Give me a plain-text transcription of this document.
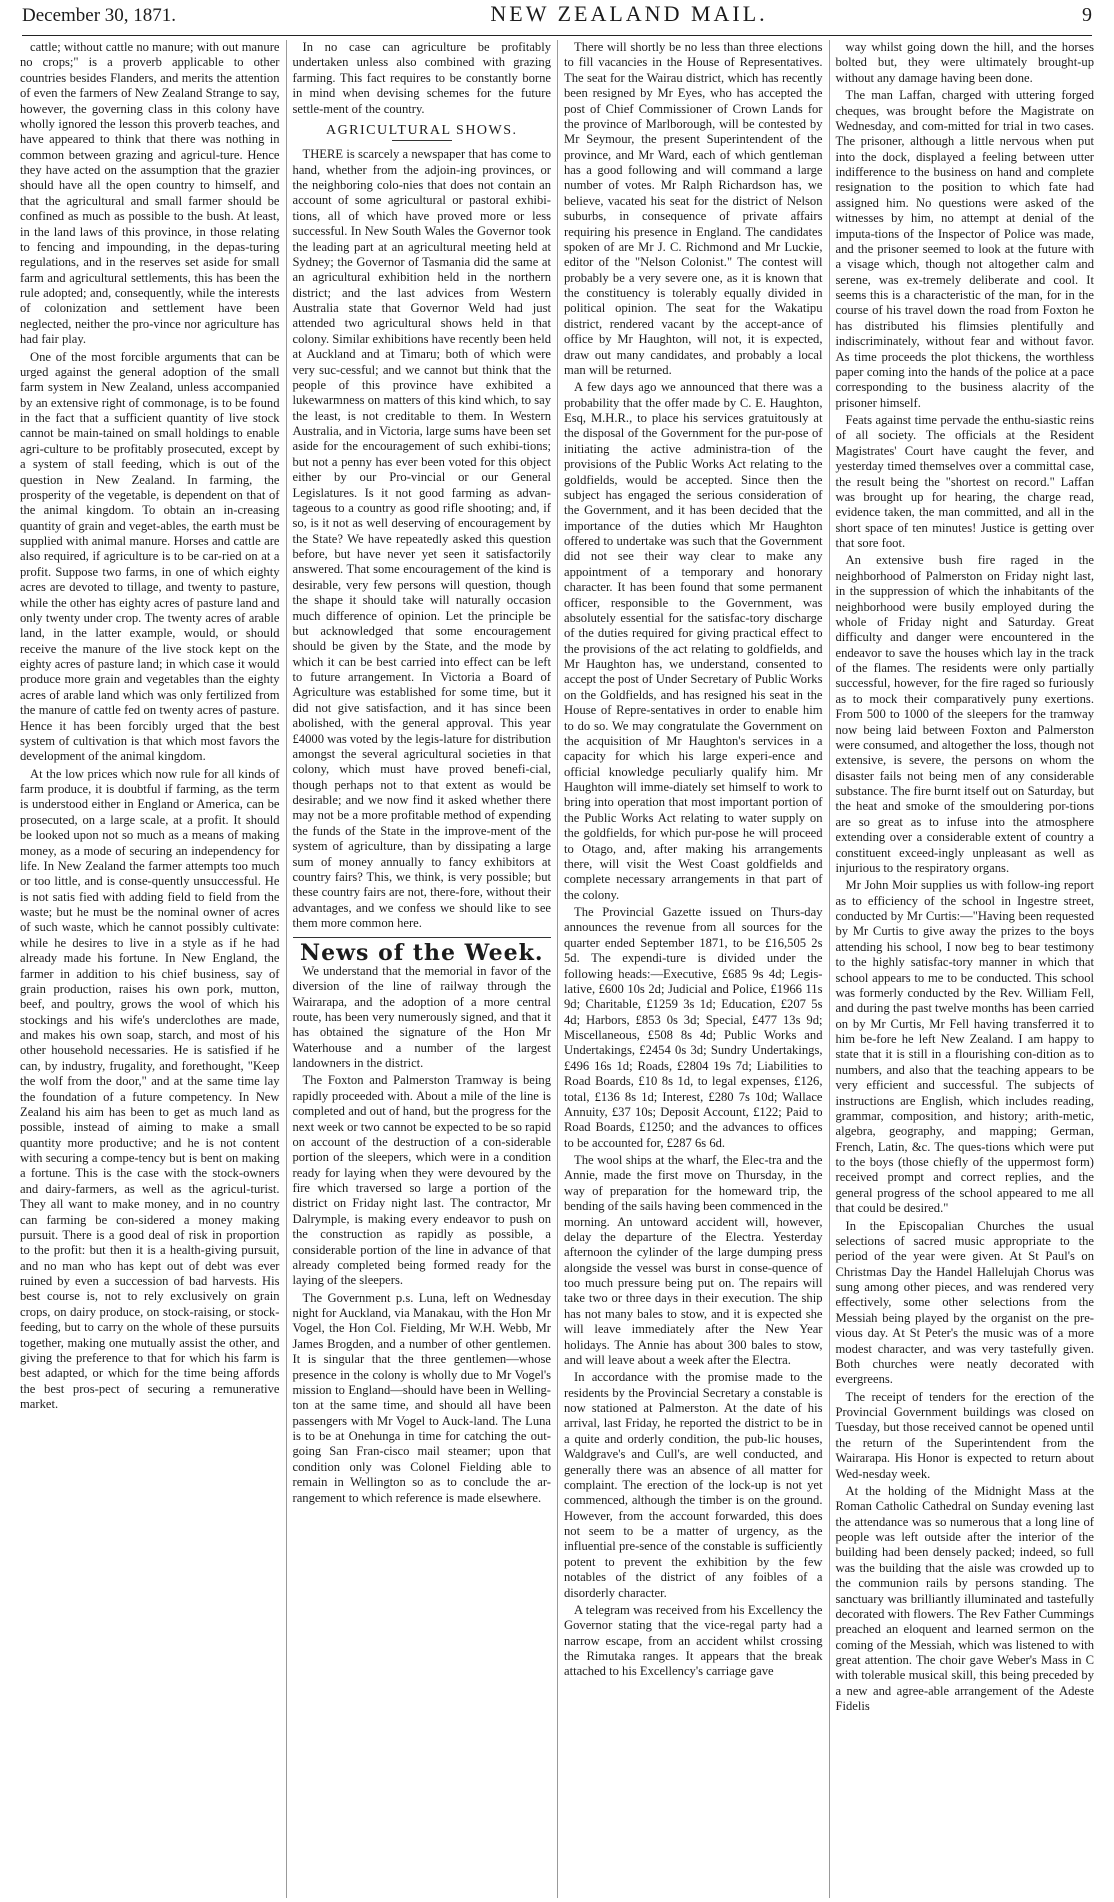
December 30, 1871.	NEW ZEALAND MAIL.	9

cattle; without cattle no manure; with out manure no crops;" is a proverb applicable to other countries besides Flanders, and merits the attention of even the farmers of New Zealand Strange to say, however, the governing class in this colony have wholly ignored the lesson this proverb teaches, and have appeared to think that there was nothing in common between grazing and agricul-ture. Hence they have acted on the assumption that the grazier should have all the open country to himself, and that the agricultural and small farmer should be confined as much as possible to the bush. At least, in the land laws of this province, in those relating to fencing and impounding, in the depas-turing regulations, and in the reserves set aside for small farm and agricultural settlements, this has been the rule adopted; and, consequently, while the interests of colonization and settlement have been neglected, neither the pro-vince nor agriculture has had fair play.

One of the most forcible arguments that can be urged against the general adoption of the small farm system in New Zealand, unless accompanied by an extensive right of commonage, is to be found in the fact that a sufficient quantity of live stock cannot be main-tained on small holdings to enable agri-culture to be profitably prosecuted, except by a system of stall feeding, which is out of the question in New Zealand. In farming, the prosperity of the vegetable, is dependent on that of the animal kingdom. To obtain an in-creasing quantity of grain and veget-ables, the earth must be supplied with animal manure. Horses and cattle are also required, if agriculture is to be car-ried on at a profit. Suppose two farms, in one of which eighty acres are devoted to tillage, and twenty to pasture, while the other has eighty acres of pasture land and only twenty under crop. The twenty acres of arable land, in the latter example, would, or should receive the manure of the live stock kept on the eighty acres of pasture land; in which case it would produce more grain and vegetables than the eighty acres of arable land which was only fertilized from the manure of cattle fed on twenty acres of pasture. Hence it has been forcibly urged that the best system of cultivation is that which most favors the development of the animal kingdom.

At the low prices which now rule for all kinds of farm produce, it is doubtful if farming, as the term is understood either in England or America, can be prosecuted, on a large scale, at a profit. It should be looked upon not so much as a means of making money, as a mode of securing an independency for life. In New Zealand the farmer attempts too much or too little, and is conse-quently unsuccessful. He is not satis fied with adding field to field from the waste; but he must be the nominal owner of acres of such waste, which he cannot possibly cultivate: while he desires to live in a style as if he had already made his fortune. In New England, the farmer in addition to his chief business, say of grain production, raises his own pork, mutton, beef, and poultry, grows the wool of which his stockings and his wife's underclothes are made, and makes his own soap, starch, and most of his other household necessaries. He is satisfied if he can, by industry, frugality, and forethought, "Keep the wolf from the door," and at the same time lay the foundation of a future competency. In New Zealand his aim has been to get as much land as possible, instead of aiming to make a small quantity more productive; and he is not content with securing a compe-tency but is bent on making a fortune. This is the case with the stock-owners and dairy-farmers, as well as the agricul-turist. They all want to make money, and in no country can farming be con-sidered a money making pursuit. There is a good deal of risk in proportion to the profit: but then it is a health-giving pursuit, and no man who has kept out of debt was ever ruined by even a succession of bad harvests. His best course is, not to rely exclusively on grain crops, on dairy produce, on stock-raising, or stock-feeding, but to carry on the whole of these pursuits together, making one mutually assist the other, and giving the preference to that for which his farm is best adapted, or which for the time being affords the best pros-pect of securing a remunerative market.

In no case can agriculture be profitably undertaken unless also combined with grazing farming. This fact requires to be constantly borne in mind when devising schemes for the future settle-ment of the country.

AGRICULTURAL SHOWS.

THERE is scarcely a newspaper that has come to hand, whether from the adjoin-ing provinces, or the neighboring colo-nies that does not contain an account of some agricultural or pastoral exhibi-tions, all of which have proved more or less successful. In New South Wales the Governor took the leading part at an agricultural meeting held at Sydney; the Governor of Tasmania did the same at an agricultural exhibition held in the northern district; and the last advices from Western Australia state that Governor Weld had just attended two agricultural shows held in that colony. Similar exhibitions have recently been held at Auckland and at Timaru; both of which were very suc-cessful; and we cannot but think that the people of this province have exhibited a lukewarmness on matters of this kind which, to say the least, is not creditable to them. In Western Australia, and in Victoria, large sums have been set aside for the encouragement of such exhibi-tions; but not a penny has ever been voted for this object either by our Pro-vincial or our General Legislatures. Is it not good farming as advan-tageous to a country as good rifle shooting; and, if so, is it not as well deserving of encouragement by the State? We have repeatedly asked this question before, but have never yet seen it satisfactorily answered. That some encouragement of the kind is desirable, very few persons will question, though the shape it should take will naturally occasion much difference of opinion. Let the principle be but acknowledged that some encouragement should be given by the State, and the mode by which it can be best carried into effect can be left to future arrangement. In Victoria a Board of Agriculture was established for some time, but it did not give satisfaction, and it has since been abolished, with the general approval. This year £4000 was voted by the legis-lature for distribution amongst the several agricultural societies in that colony, which must have proved benefi-cial, though perhaps not to that extent as would be desirable; and we now find it asked whether there may not be a more profitable method of expending the funds of the State in the improve-ment of the system of agriculture, than by dissipating a large sum of money annually to fancy exhibitors at country fairs? This, we think, is very possible; but these country fairs are not, there-fore, without their advantages, and we confess we should like to see them more common here.

News of the Week.

We understand that the memorial in favor of the diversion of the line of railway through the Wairarapa, and the adoption of a more central route, has been very numerously signed, and that it has obtained the signature of the Hon Mr Waterhouse and a number of the largest landowners in the district.

The Foxton and Palmerston Tramway is being rapidly proceeded with. About a mile of the line is completed and out of hand, but the progress for the next week or two cannot be expected to be so rapid on account of the destruction of a con-siderable portion of the sleepers, which were in a condition ready for laying when they were devoured by the fire which traversed so large a portion of the district on Friday night last. The contractor, Mr Dalrymple, is making every endeavor to push on the construction as rapidly as possible, a considerable portion of the line in advance of that already completed being formed ready for the laying of the sleepers.

The Government p.s. Luna, left on Wednesday night for Auckland, via Manakau, with the Hon Mr Vogel, the Hon Col. Fielding, Mr W.H. Webb, Mr James Brogden, and a number of other gentlemen. It is singular that the three gentlemen—whose presence in the colony is wholly due to Mr Vogel's mission to England—should have been in Welling-ton at the same time, and should all have been passengers with Mr Vogel to Auck-land. The Luna is to be at Onehunga in time for catching the out-going San Fran-cisco mail steamer; upon that condition only was Colonel Fielding able to remain in Wellington so as to conclude the ar-rangement to which reference is made elsewhere.

There will shortly be no less than three elections to fill vacancies in the House of Representatives. The seat for the Wairau district, which has recently been resigned by Mr Eyes, who has accepted the post of Chief Commissioner of Crown Lands for the province of Marlborough, will be contested by Mr Seymour, the present Superintendent of the province, and Mr Ward, each of which gentleman has a good following and will command a large number of votes. Mr Ralph Richardson has, we believe, vacated his seat for the district of Nelson suburbs, in consequence of private affairs requiring his presence in England. The candidates spoken of are Mr J. C. Richmond and Mr Luckie, editor of the "Nelson Colonist." The contest will probably be a very severe one, as it is known that the constituency is tolerably equally divided in political opinion. The seat for the Wakatipu district, rendered vacant by the accept-ance of office by Mr Haughton, will not, it is expected, draw out many candidates, and probably a local man will be returned.

A few days ago we announced that there was a probability that the offer made by C. E. Haughton, Esq, M.H.R., to place his services gratuitously at the disposal of the Government for the pur-pose of initiating the active administra-tion of the provisions of the Public Works Act relating to the goldfields, would be accepted. Since then the subject has engaged the serious consideration of the Government, and it has been decided that the importance of the duties which Mr Haughton offered to undertake was such that the Government did not see their way clear to make any appointment of a temporary and honorary character. It has been found that some permanent officer, responsible to the Government, was absolutely essential for the satisfac-tory discharge of the duties required for giving practical effect to the provisions of the act relating to goldfields, and Mr Haughton has, we understand, consented to accept the post of Under Secretary of Public Works on the Goldfields, and has resigned his seat in the House of Repre-sentatives in order to enable him to do so. We may congratulate the Government on the acquisition of Mr Haughton's services in a capacity for which his large experi-ence and official knowledge peculiarly qualify him. Mr Haughton will imme-diately set himself to work to bring into operation that most important portion of the Public Works Act relating to water supply on the goldfields, for which pur-pose he will proceed to Otago, and, after making his arrangements there, will visit the West Coast goldfields and complete necessary arrangements in that part of the colony.

The Provincial Gazette issued on Thurs-day announces the revenue from all sources for the quarter ended September 1871, to be £16,505 2s 5d. The expendi-ture is divided under the following heads:—Executive, £685 9s 4d; Legis-lative, £600 10s 2d; Judicial and Police, £1966 11s 9d; Charitable, £1259 3s 1d; Education, £207 5s 4d; Harbors, £853 0s 3d; Special, £477 13s 9d; Miscellaneous, £508 8s 4d; Public Works and Undertakings, £2454 0s 3d; Sundry Undertakings, £496 16s 1d; Roads, £2804 19s 7d; Liabilities to Road Boards, £10 8s 1d, to legal expenses, £126, total, £136 8s 1d; Interest, £280 7s 10d; Wallace Annuity, £37 10s; Deposit Account, £122; Paid to Road Boards, £1250; and the advances to offices to be accounted for, £287 6s 6d.

The wool ships at the wharf, the Elec-tra and the Annie, made the first move on Thursday, in the way of preparation for the homeward trip, the bending of the sails having been commenced in the morning. An untoward accident will, however, delay the departure of the Electra. Yesterday afternoon the cylinder of the large dumping press alongside the vessel was burst in conse-quence of too much pressure being put on. The repairs will take two or three days in their execution. The ship has not many bales to stow, and it is expected she will leave immediately after the New Year holidays. The Annie has about 300 bales to stow, and will leave about a week after the Electra.

In accordance with the promise made to the residents by the Provincial Secretary a constable is now stationed at Palmerston. At the date of his arrival, last Friday, he reported the district to be in a quite and orderly condition, the pub-lic houses, Waldgrave's and Cull's, are well conducted, and generally there was an absence of all matter for complaint. The erection of the lock-up is not yet commenced, although the timber is on the ground. However, from the account forwarded, this does not seem to be a matter of urgency, as the influential pre-sence of the constable is sufficiently potent to prevent the exhibition by the few notables of the district of any foibles of a disorderly character.

A telegram was received from his Excellency the Governor stating that the vice-regal party had a narrow escape, from an accident whilst crossing the Rimutaka ranges. It appears that the break attached to his Excellency's carriage gave

way whilst going down the hill, and the horses bolted but, they were ultimately brought-up without any damage having been done.

The man Laffan, charged with uttering forged cheques, was brought before the Magistrate on Wednesday, and com-mitted for trial in two cases. The prisoner, although a little nervous when put into the dock, displayed a feeling between utter indifference to the business on hand and complete resignation to the position to which fate had assigned him. No questions were asked of the witnesses by him, no attempt at denial of the imputa-tions of the Inspector of Police was made, and the prisoner seemed to look at the future with a visage which, though not altogether calm and serene, was ex-tremely deliberate and cool. It seems this is a characteristic of the man, for in the course of his travel down the road from Foxton he has distributed his flimsies plentifully and indiscriminately, without fear and without favor. As time proceeds the plot thickens, the worthless paper coming into the hands of the police at a pace corresponding to the business alacrity of the prisoner himself.

Feats against time pervade the enthu-siastic reins of all society. The officials at the Resident Magistrates' Court have caught the fever, and yesterday timed themselves over a committal case, the result being the "shortest on record." Laffan was brought up for hearing, the charge read, evidence taken, the man committed, and all in the short space of ten minutes! Justice is getting over that sore foot.

An extensive bush fire raged in the neighborhood of Palmerston on Friday night last, in the suppression of which the inhabitants of the neighborhood were busily employed during the whole of Friday night and Saturday. Great difficulty and danger were encountered in the endeavor to save the houses which lay in the track of the flames. The residents were only partially successful, however, for the fire raged so furiously as to mock their comparatively puny exertions. From 500 to 1000 of the sleepers for the tramway now being laid between Foxton and Palmerston were consumed, and altogether the loss, though not extensive, is severe, the persons on whom the disaster fails not being men of any considerable substance. The fire burnt itself out on Saturday, but the heat and smoke of the smouldering por-tions are so great as to infuse into the atmosphere extending over a considerable extent of country a constituent exceed-ingly unpleasant as well as injurious to the respiratory organs.

Mr John Moir supplies us with follow-ing report as to efficiency of the school in Ingestre street, conducted by Mr Curtis:—"Having been requested by Mr Curtis to give away the prizes to the boys attending his school, I now beg to bear testimony to the highly satisfac-tory manner in which that school appears to me to be conducted. This school was formerly conducted by the Rev. William Fell, and during the past twelve months has been carried on by Mr Curtis, Mr Fell having transferred it to him be-fore he left New Zealand. I am happy to state that it is still in a flourishing con-dition as to numbers, and also that the teaching appears to be very efficient and successful. The subjects of instructions are English, which includes reading, grammar, composition, and history; arith-metic, algebra, geography, and mapping; German, French, Latin, &c. The ques-tions which were put to the boys (those chiefly of the uppermost form) received prompt and correct replies, and the general progress of the school appeared to me all that could be desired."

In the Episcopalian Churches the usual selections of sacred music appropriate to the period of the year were given. At St Paul's on Christmas Day the Handel Hallelujah Chorus was sung among other pieces, and was rendered very effectively, some other selections from the Messiah being played by the organist on the pre-vious day. At St Peter's the music was of a more modest character, and was very tastefully given. Both churches were neatly decorated with evergreens.

The receipt of tenders for the erection of the Provincial Government buildings was closed on Tuesday, but those received cannot be opened until the return of the Superintendent from the Wairarapa. His Honor is expected to return about Wed-nesday week.

At the holding of the Midnight Mass at the Roman Catholic Cathedral on Sunday evening last the attendance was so numerous that a long line of people was left outside after the interior of the building had been densely packed; indeed, so full was the building that the aisle was crowded up to the communion rails by persons standing. The sanctuary was brilliantly illuminated and tastefully decorated with flowers. The Rev Father Cummings preached an eloquent and learned sermon on the coming of the Messiah, which was listened to with great attention. The choir gave Weber's Mass in C with tolerable musical skill, this being preceded by a new and agree-able arrangement of the Adeste Fidelis
